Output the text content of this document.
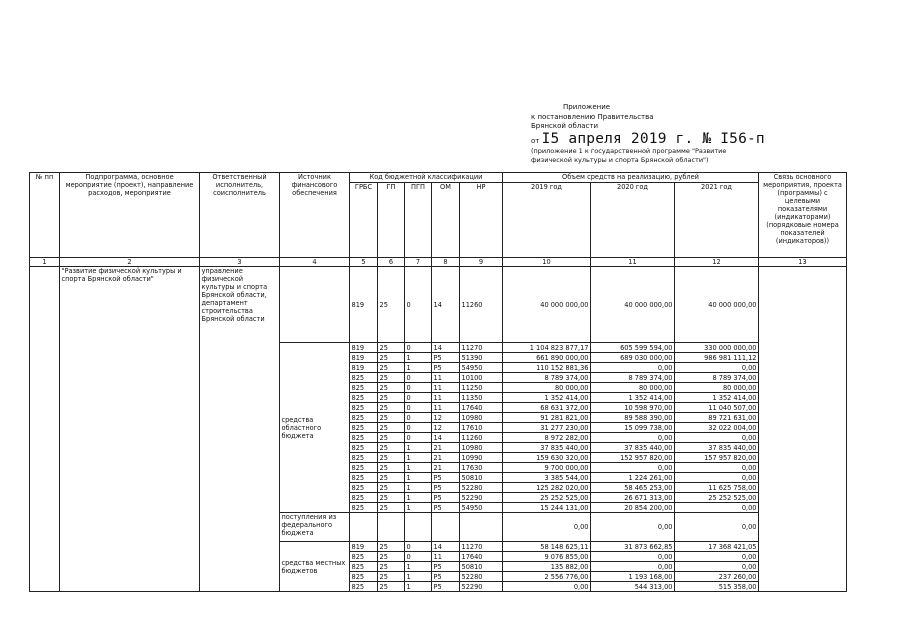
Приложение
к постановлению Правительства
Брянской области
от I5 апреля 2019 г. № I56-п
(приложение 1 к государственной программе "Развитие
физической культуры и спорта Брянской области")
№ пп	Подпрограмма, основное мероприятие (проект), направление расходов, мероприятие	Ответственный исполнитель, соисполнитель	Источник финансового обеспечения	Код бюджетной классификации					Объем средств на реализацию, рублей			Связь основного мероприятия, проекта (программы) с целевыми показателями (индикаторами) (порядковые номера показателей (индикаторов))
				ГРБС	ГП	ПГП	ОМ	НР	2019 год	2020 год	2021 год	
1	2	3	4	5	6	7	8	9	10	11	12	13
	"Развитие физической культуры и спорта Брянской области"	управление физической культуры и спорта Брянской области, департамент строительства Брянской области		819	25	0	14	11260	40 000 000,00	40 000 000,00	40 000 000,00	
			средства областного бюджета	819	25	0	14	11270	1 104 823 877,17	605 599 594,00	330 000 000,00	
				819	25	1	P5	51390	661 890 000,00	689 030 000,00	986 981 111,12	
				819	25	1	P5	54950	110 152 881,36	0,00	0,00	
				825	25	0	11	10100	8 789 374,00	8 789 374,00	8 789 374,00	
				825	25	0	11	11250	80 000,00	80 000,00	80 000,00	
				825	25	0	11	11350	1 352 414,00	1 352 414,00	1 352 414,00	
				825	25	0	11	17640	68 631 372,00	10 598 970,00	11 040 507,00	
				825	25	0	12	10980	91 281 821,00	89 588 390,00	89 721 631,00	
				825	25	0	12	17610	31 277 230,00	15 099 738,00	32 022 004,00	
				825	25	0	14	11260	8 972 282,00	0,00	0,00	
				825	25	1	21	10980	37 835 440,00	37 835 440,00	37 835 440,00	
				825	25	1	21	10990	159 630 320,00	152 957 820,00	157 957 820,00	
				825	25	1	21	17630	9 700 000,00	0,00	0,00	
				825	25	1	P5	50810	3 385 544,00	1 224 261,00	0,00	
				825	25	1	P5	52280	125 282 020,00	58 465 253,00	11 625 758,00	
				825	25	1	P5	52290	25 252 525,00	26 671 313,00	25 252 525,00	
				825	25	1	P5	54950	15 244 131,00	20 854 200,00	0,00	
			поступления из федерального бюджета						0,00	0,00	0,00	
			средства местных бюджетов	819	25	0	14	11270	58 148 625,11	31 873 662,85	17 368 421,05	
				825	25	0	11	17640	9 076 855,00	0,00	0,00	
				825	25	1	P5	50810	135 882,00	0,00	0,00	
				825	25	1	P5	52280	2 556 776,00	1 193 168,00	237 260,00	
				825	25	1	P5	52290	0,00	544 313,00	515 358,00	
